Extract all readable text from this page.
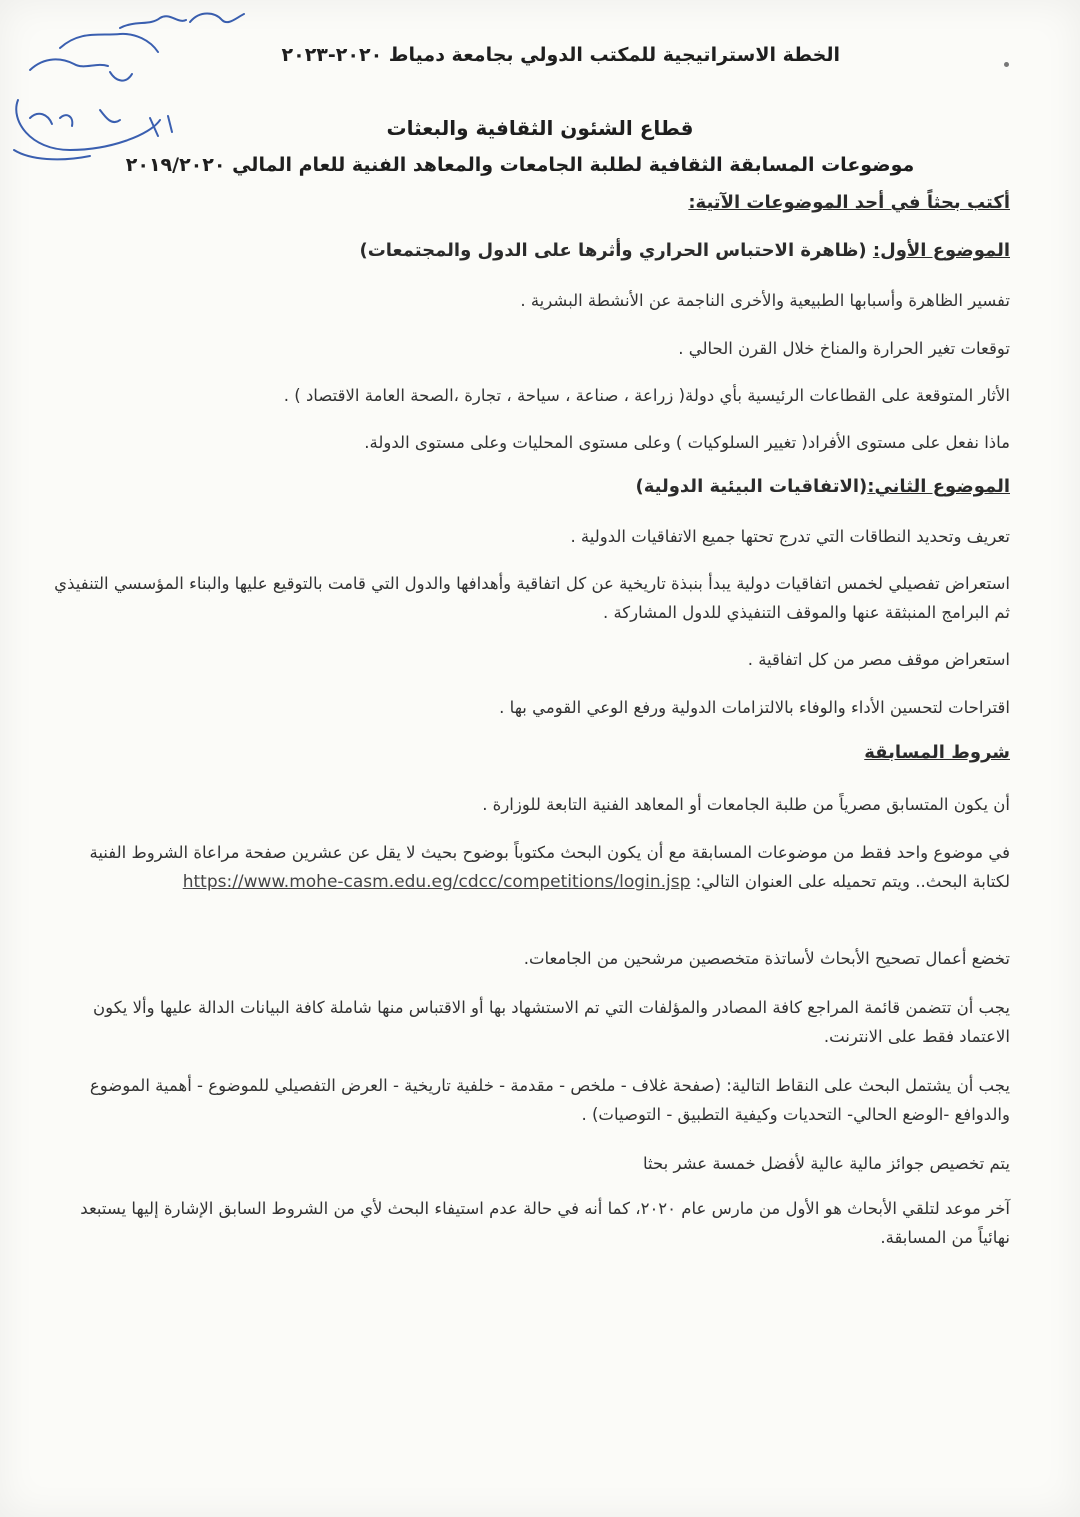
الخطة الاستراتيجية للمكتب الدولي بجامعة دمياط ٢٠٢٠-٢٠٢٣
قطاع الشئون الثقافية والبعثات
موضوعات المسابقة الثقافية لطلبة الجامعات والمعاهد الفنية للعام المالي ٢٠١٩/٢٠٢٠
أكتب بحثاً في أحد الموضوعات الآتية:
الموضوع الأول: (ظاهرة الاحتباس الحراري وأثرها على الدول والمجتمعات)
تفسير الظاهرة وأسبابها الطبيعية والأخرى الناجمة عن الأنشطة البشرية .
توقعات تغير الحرارة والمناخ خلال القرن الحالي .
الأثار المتوقعة على القطاعات الرئيسية بأي دولة( زراعة ، صناعة ، سياحة ، تجارة ،الصحة العامة الاقتصاد ) .
ماذا نفعل على مستوى الأفراد( تغيير السلوكيات ) وعلى مستوى المحليات وعلى مستوى الدولة.
الموضوع الثاني:(الاتفاقيات البيئية الدولية)
تعريف وتحديد النطاقات التي تدرج تحتها جميع الاتفاقيات الدولية .
استعراض تفصيلي لخمس اتفاقيات دولية يبدأ بنبذة تاريخية عن كل اتفاقية وأهدافها والدول التي قامت بالتوقيع عليها والبناء المؤسسي التنفيذي ثم البرامج المنبثقة عنها والموقف التنفيذي للدول المشاركة .
استعراض موقف مصر من كل اتفاقية .
اقتراحات لتحسين الأداء والوفاء بالالتزامات الدولية ورفع الوعي القومي بها .
شروط المسابقة
أن يكون المتسابق مصرياً من طلبة الجامعات أو المعاهد الفنية التابعة للوزارة .
في موضوع واحد فقط من موضوعات المسابقة مع أن يكون البحث مكتوباً بوضوح بحيث لا يقل عن عشرين صفحة مراعاة الشروط الفنية لكتابة البحث.. ويتم تحميله على العنوان التالي: https://www.mohe-casm.edu.eg/cdcc/competitions/login.jsp
تخضع أعمال تصحيح الأبحاث لأساتذة متخصصين مرشحين من الجامعات.
يجب أن تتضمن قائمة المراجع كافة المصادر والمؤلفات التي تم الاستشهاد بها أو الاقتباس منها شاملة كافة البيانات الدالة عليها وألا يكون الاعتماد فقط على الانترنت.
يجب أن يشتمل البحث على النقاط التالية: (صفحة غلاف - ملخص - مقدمة - خلفية تاريخية - العرض التفصيلي للموضوع - أهمية الموضوع والدوافع -الوضع الحالي- التحديات وكيفية التطبيق - التوصيات) .
يتم تخصيص جوائز مالية عالية لأفضل خمسة عشر بحثا
آخر موعد لتلقي الأبحاث هو الأول من مارس عام ٢٠٢٠، كما أنه في حالة عدم استيفاء البحث لأي من الشروط السابق الإشارة إليها يستبعد نهائياً من المسابقة.
